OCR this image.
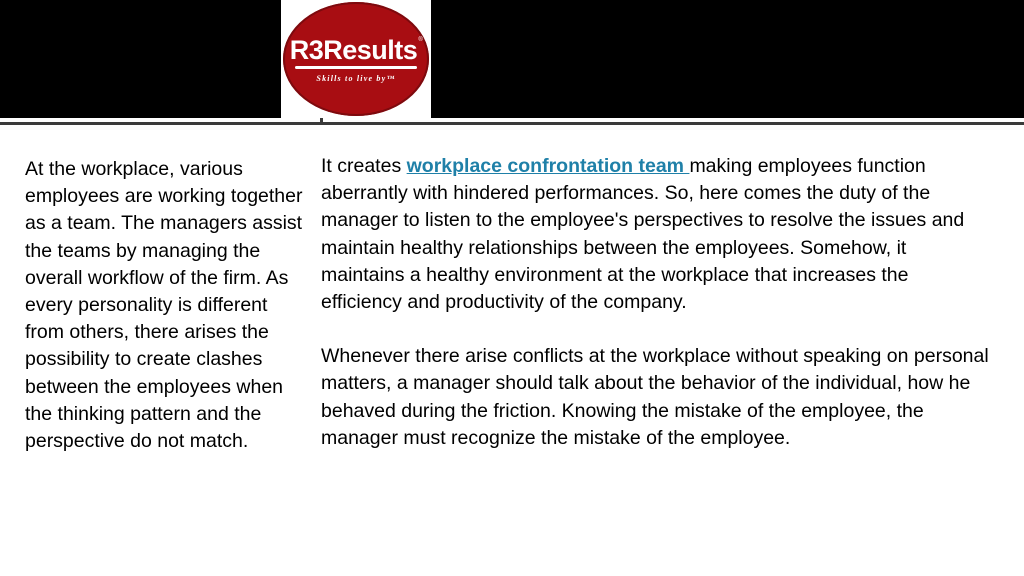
R3Results®
Skills to live by™
At the workplace, various employees are working together as a team. The managers assist the teams by managing the overall workflow of the firm. As every personality is different from others, there arises the possibility to create clashes between the employees when the thinking pattern and the perspective do not match.

It creates workplace confrontation team making employees function aberrantly with hindered performances. So, here comes the duty of the manager to listen to the employee's perspectives to resolve the issues and maintain healthy relationships between the employees. Somehow, it maintains a healthy environment at the workplace that increases the efficiency and productivity of the company.

Whenever there arise conflicts at the workplace without speaking on personal matters, a manager should talk about the behavior of the individual, how he behaved during the friction. Knowing the mistake of the employee, the manager must recognize the mistake of the employee.
